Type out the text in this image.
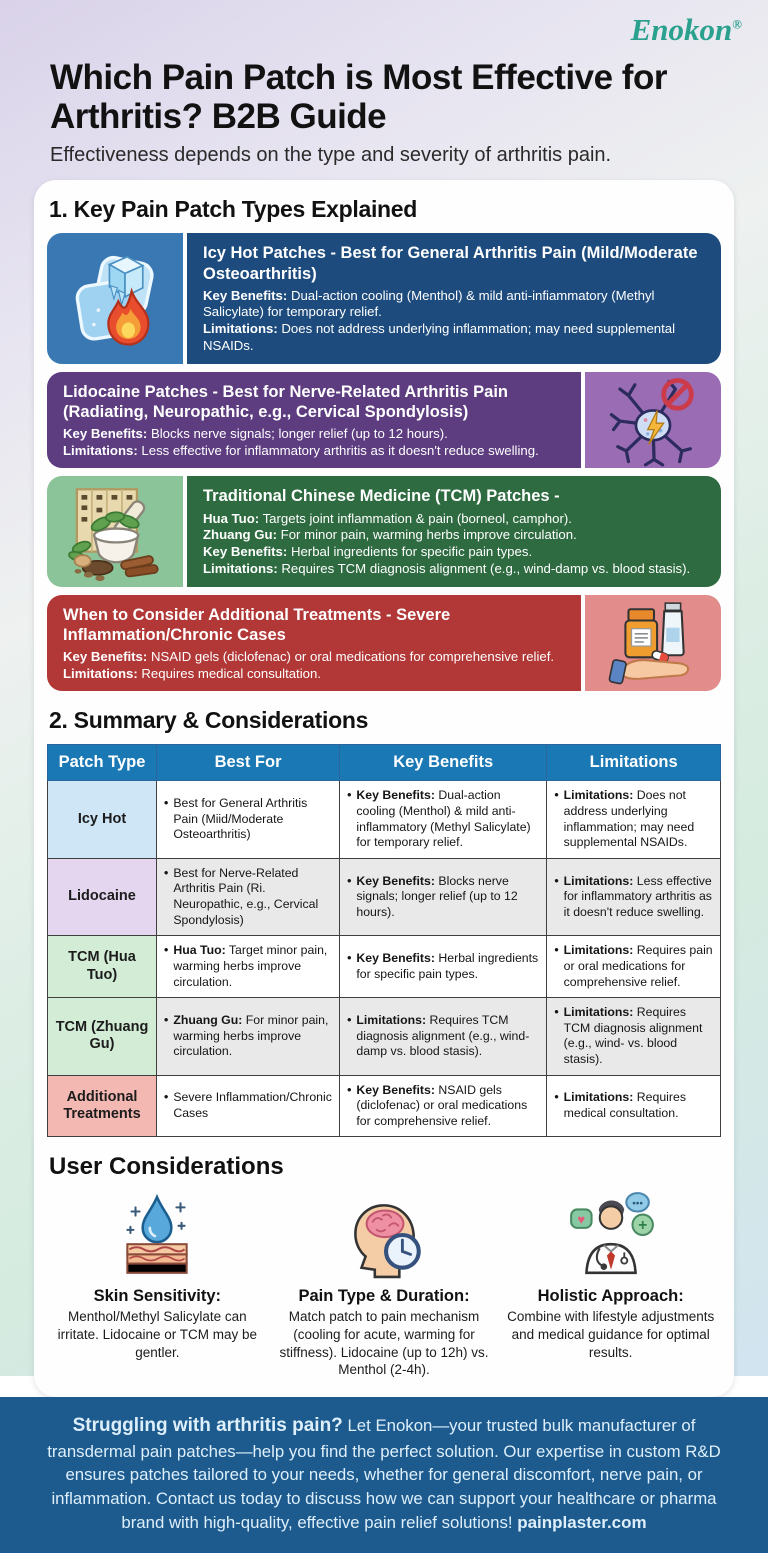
Enokon®
Which Pain Patch is Most Effective for Arthritis? B2B Guide
Effectiveness depends on the type and severity of arthritis pain.
1. Key Pain Patch Types Explained
Icy Hot Patches - Best for General Arthritis Pain (Mild/Moderate Osteoarthritis)
Key Benefits: Dual-action cooling (Menthol) & mild anti-infiammatory (Methyl Salicylate) for temporary relief.
Limitations: Does not address underlying inflammation; may need supplemental NSAIDs.
Lidocaine Patches - Best for Nerve-Related Arthritis Pain (Radiating, Neuropathic, e.g., Cervical Spondylosis)
Key Benefits: Blocks nerve signals; longer relief (up to 12 hours).
Limitations: Less effective for inflammatory arthritis as it doesn't reduce swelling.
Traditional Chinese Medicine (TCM) Patches -
Hua Tuo: Targets joint inflammation & pain (borneol, camphor).
Zhuang Gu: For minor pain, warming herbs improve circulation.
Key Benefits: Herbal ingredients for specific pain types.
Limitations: Requires TCM diagnosis alignment (e.g., wind-damp vs. blood stasis).
When to Consider Additional Treatments - Severe Inflammation/Chronic Cases
Key Benefits: NSAID gels (diclofenac) or oral medications for comprehensive relief.
Limitations: Requires medical consultation.
2. Summary & Considerations
Patch Type	Best For	Key Benefits	Limitations
Icy Hot	• Best for General Arthritis Pain (Miid/Moderate Osteoarthritis)	• Key Benefits: Dual-action cooling (Menthol) & mild anti-inflammatory (Methyl Salicylate) for temporary relief.	• Limitations: Does not address underlying inflammation; may need supplemental NSAIDs.

Lidocaine	• Best for Nerve-Related Arthritis Pain (Ri. Neuropathic, e.g., Cervical Spondylosis)	• Key Benefits: Blocks nerve signals; longer relief (up to 12 hours).	• Limitations: Less effective for inflammatory arthritis as it doesn't reduce swelling.

TCM (Hua Tuo)	• Hua Tuo: Target minor pain, warming herbs improve circulation.	• Key Benefits: Herbal ingredients for specific pain types.	• Limitations: Requires pain or oral medications for comprehensive relief.

TCM (Zhuang Gu)	• Zhuang Gu: For minor pain, warming herbs improve circulation.	• Limitations: Requires TCM diagnosis alignment (e.g., wind-damp vs. blood stasis).	• Limitations: Requires TCM diagnosis alignment (e.g., wind- vs. blood stasis).

Additional Treatments	• Severe Inflammation/Chronic Cases	• Key Benefits: NSAID gels (diclofenac) or oral medications for comprehensive relief.	• Limitations: Requires medical consultation.
User Considerations
Skin Sensitivity:
Menthol/Methyl Salicylate can irritate. Lidocaine or TCM may be gentler.
Pain Type & Duration:
Match patch to pain mechanism (cooling for acute, warming for stiffness). Lidocaine (up to 12h) vs. Menthol (2-4h).
♥
•••
+
Holistic Approach:
Combine with lifestyle adjustments and medical guidance for optimal results.
Struggling with arthritis pain? Let Enokon—your trusted bulk manufacturer of transdermal pain patches—help you find the perfect solution. Our expertise in custom R&D ensures patches tailored to your needs, whether for general discomfort, nerve pain, or inflammation. Contact us today to discuss how we can support your healthcare or pharma brand with high-quality, effective pain relief solutions! painplaster.com
